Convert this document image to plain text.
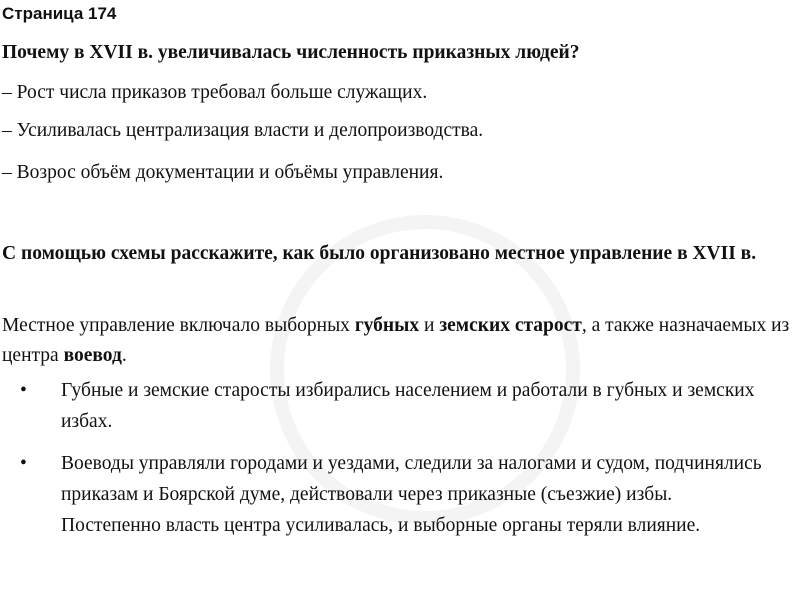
Страница 174

Почему в XVII в. увеличивалась численность приказных людей?

– Рост числа приказов требовал больше служащих.

– Усиливалась централизация власти и делопроизводства.

– Возрос объём документации и объёмы управления.

С помощью схемы расскажите, как было организовано местное управление в XVII в.

Местное управление включало выборных губных и земских старост, а также назначаемых из центра воевод.

• Губные и земские старосты избирались населением и работали в губных и земских избах.
• Воеводы управляли городами и уездами, следили за налогами и судом, подчинялись приказам и Боярской думе, действовали через приказные (съезжие) избы.
Постепенно власть центра усиливалась, и выборные органы теряли влияние.
